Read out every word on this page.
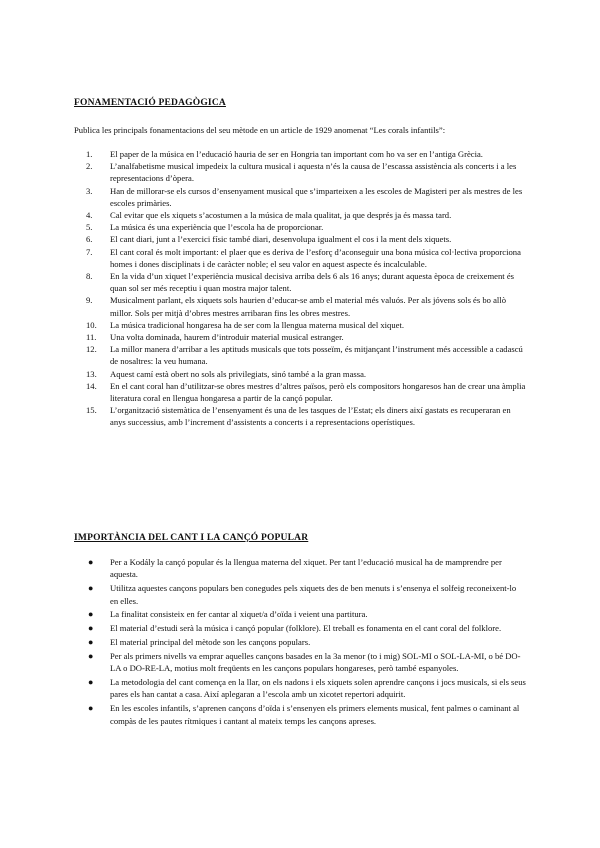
FONAMENTACIÓ PEDAGÒGICA
Publica les principals fonamentacions del seu mètode en un article de 1929 anomenat “Les corals infantils”:
1.	El paper de la música en l’educació hauria de ser en Hongria tan important com ho va ser en l’antiga Grècia.
2.	L’analfabetisme musical impedeix la cultura musical i aquesta n’és la causa de l’escassa assistència als concerts i a les representacions d’òpera.
3.	Han de millorar-se els cursos d’ensenyament musical que s’imparteixen a les escoles de Magisteri per als mestres de les escoles primàries.
4.	Cal evitar que els xiquets s’acostumen a la música de mala qualitat, ja que després ja és massa tard.
5.	La música és una experiència que l’escola ha de proporcionar.
6.	El cant diari, junt a l’exercici físic també diari, desenvolupa igualment el cos i la ment dels xiquets.
7.	El cant coral és molt important: el plaer que es deriva de l’esforç d’aconseguir una bona música col·lectiva proporciona homes i dones disciplinats i de caràcter noble; el seu valor en aquest aspecte és incalculable.
8.	En la vida d’un xiquet l’experiència musical decisiva arriba dels 6 als 16 anys; durant aquesta època de creixement és quan sol ser més receptiu i quan mostra major talent.
9.	Musicalment parlant, els xiquets sols haurien d’educar-se amb el material més valuós. Per als jóvens sols és bo allò millor. Sols per mitjà d’obres mestres arribaran fins les obres mestres.
10.	La música tradicional hongaresa ha de ser com la llengua materna musical del xiquet.
11.	Una volta dominada, haurem d’introduir material musical estranger.
12.	La millor manera d’arribar a les aptituds musicals que tots posseïm, és mitjançant l’instrument més accessible a cadascú de nosaltres: la veu humana.
13.	Aquest camí està obert no sols als privilegiats, sinó també a la gran massa.
14.	En el cant coral han d’utilitzar-se obres mestres d’altres països, però els compositors hongaresos han de crear una àmplia literatura coral en llengua hongaresa a partir de la cançó popular.
15.	L’organització sistemàtica de l’ensenyament és una de les tasques de l’Estat; els diners així gastats es recuperaran en anys successius, amb l’increment d’assistents a concerts i a representacions operístiques.
IMPORTÀNCIA DEL CANT I LA CANÇÓ POPULAR
● Per a Kodály la cançó popular és la llengua materna del xiquet. Per tant l’educació musical ha de mamprendre per aquesta.
● Utilitza aquestes cançons populars ben conegudes pels xiquets des de ben menuts i s’ensenya el solfeig reconeixent-lo en elles.
● La finalitat consisteix en fer cantar al xiquet/a d’oïda i veient una partitura.
● El material d’estudi serà la música i cançó popular (folklore). El treball es fonamenta en el cant coral del folklore.
● El material principal del mètode son les cançons populars.
● Per als primers nivells va emprar aquelles cançons basades en la 3a menor (to i mig) SOL-MI o SOL-LA-MI, o bé DO-LA o DO-RE-LA, motius molt freqüents en les cançons populars hongareses, però també espanyoles.
● La metodologia del cant comença en la llar, on els nadons i els xiquets solen aprendre cançons i jocs musicals, si els seus pares els han cantat a casa. Així aplegaran a l’escola amb un xicotet repertori adquirit.
● En les escoles infantils, s’aprenen cançons d’oïda i s’ensenyen els primers elements musical, fent palmes o caminant al compàs de les pautes rítmiques i cantant al mateix temps les cançons apreses.
